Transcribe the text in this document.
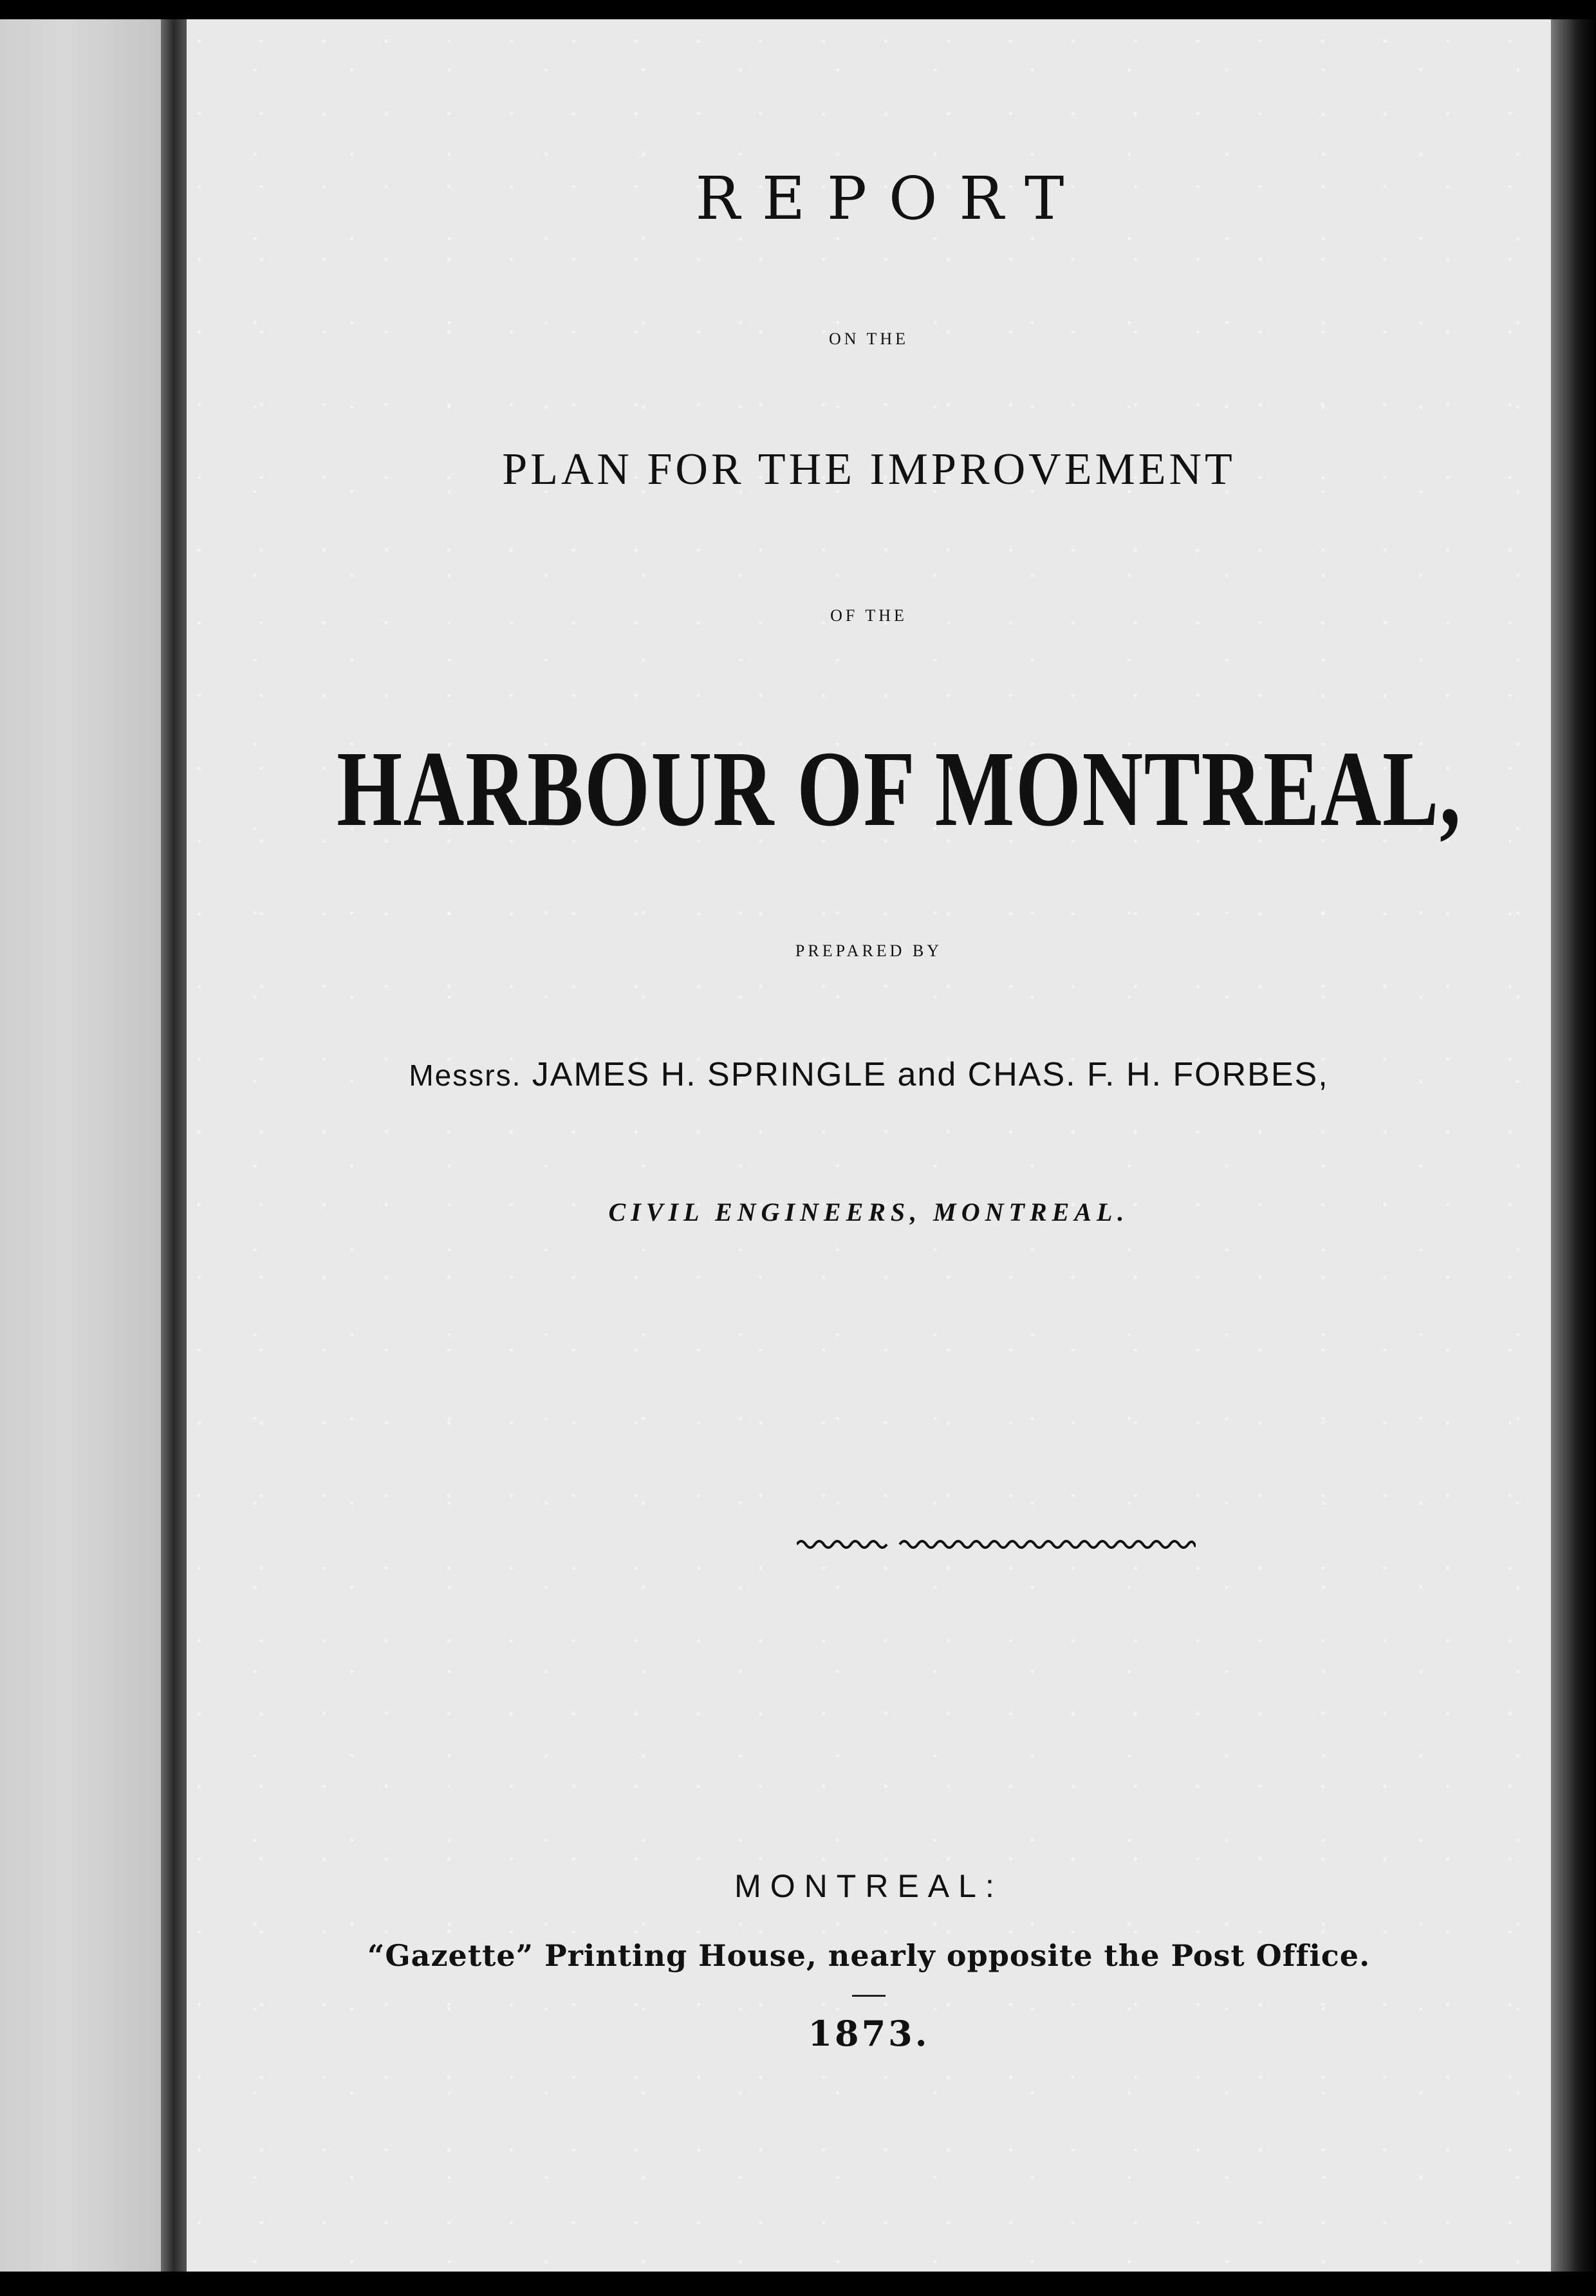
REPORT
ON THE
PLAN FOR THE IMPROVEMENT
OF THE
HARBOUR OF MONTREAL,
PREPARED BY
Messrs. JAMES H. SPRINGLE and CHAS. F. H. FORBES,
CIVIL ENGINEERS, MONTREAL.
MONTREAL:
“Gazette” Printing House, nearly opposite the Post Office.
1873.
